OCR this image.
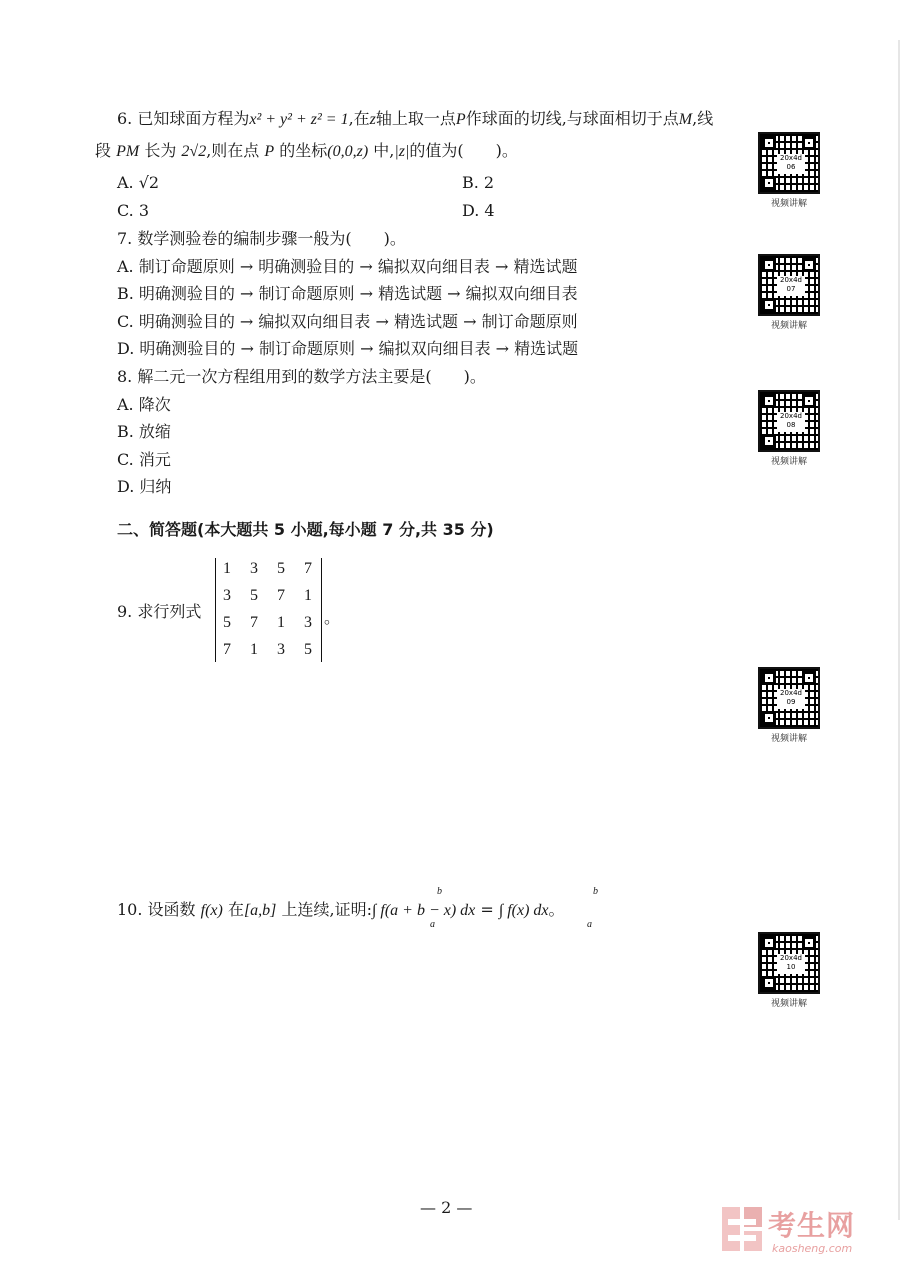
6. 已知球面方程为x² + y² + z² = 1,在z轴上取一点P作球面的切线,与球面相切于点M,线
段 PM 长为 2√2,则在点 P 的坐标(0,0,z) 中,|z|的值为(　　)。
A. √2	B. 2
C. 3	D. 4
7. 数学测验卷的编制步骤一般为(　　)。
A. 制订命题原则 → 明确测验目的 → 编拟双向细目表 → 精选试题
B. 明确测验目的 → 制订命题原则 → 精选试题 → 编拟双向细目表
C. 明确测验目的 → 编拟双向细目表 → 精选试题 → 制订命题原则
D. 明确测验目的 → 制订命题原则 → 编拟双向细目表 → 精选试题
8. 解二元一次方程组用到的数学方法主要是(　　)。
A. 降次
B. 放缩
C. 消元
D. 归纳
二、简答题(本大题共 5 小题,每小题 7 分,共 35 分)
9. 求行列式
1 3 5 7
3 5 7 1
5 7 1 3
7 1 3 5
。
10. 设函数 f(x) 在[a,b] 上连续,证明:∫ f(a + b − x) dx = ∫ f(x) dx。
b
a
b
a
20x4d 06
视频讲解
20x4d 07
视频讲解
20x4d 08
视频讲解
20x4d 09
视频讲解
20x4d 10
视频讲解
— 2 —
考生网
kaosheng.com
